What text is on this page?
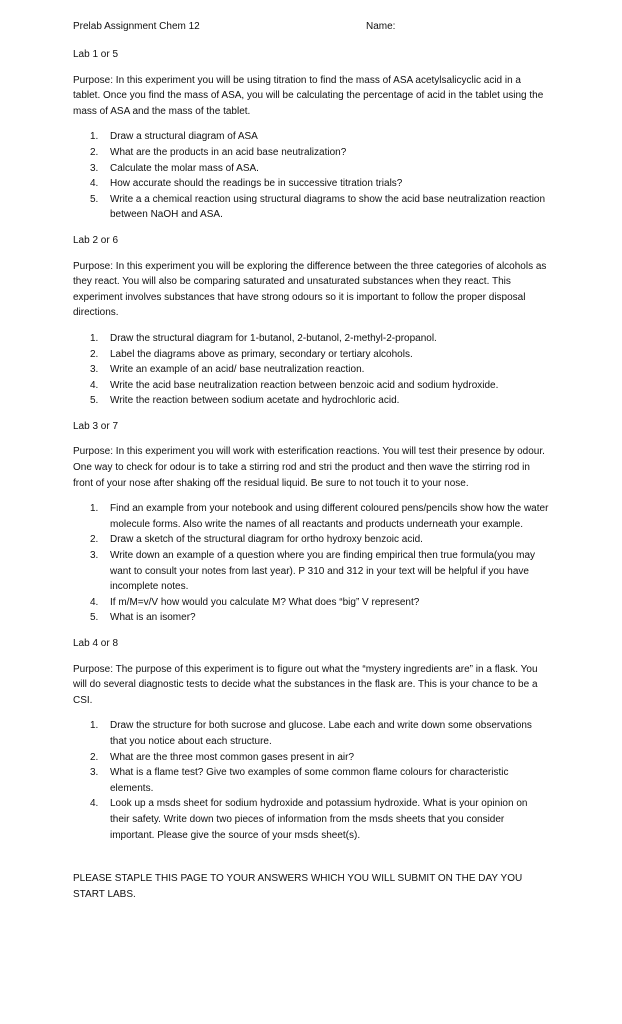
Prelab Assignment Chem 12	Name:
Lab 1 or 5
Purpose: In this experiment you will be using titration to find the mass of ASA acetylsalicyclic acid in a tablet. Once you find the mass of ASA, you will be calculating the percentage of acid in the tablet using the mass of ASA and the mass of the tablet.
1. Draw a structural diagram of ASA
2. What are the products in an acid base neutralization?
3. Calculate the molar mass of ASA.
4. How accurate should the readings be in successive titration trials?
5. Write a a chemical reaction using structural diagrams to show the acid base neutralization reaction between NaOH and ASA.
Lab 2 or 6
Purpose: In this experiment you will be exploring the difference between the three categories of alcohols as they react. You will also be comparing saturated and unsaturated substances when they react. This experiment involves substances that have strong odours so it is important to follow the proper disposal directions.
1. Draw the structural diagram for 1-butanol, 2-butanol, 2-methyl-2-propanol.
2. Label the diagrams above as primary, secondary or tertiary alcohols.
3. Write an example of an acid/ base neutralization reaction.
4. Write the acid base neutralization reaction between benzoic acid and sodium hydroxide.
5. Write the reaction between sodium acetate and hydrochloric acid.
Lab 3 or 7
Purpose: In this experiment you will work with esterification reactions. You will test their presence by odour. One way to check for odour is to take a stirring rod and stri the product and then wave the stirring rod in front of your nose after shaking off the residual liquid. Be sure to not touch it to your nose.
1. Find an example from your notebook and using different coloured pens/pencils show how the water molecule forms. Also write the names of all reactants and products underneath your example.
2. Draw a sketch of the structural diagram for ortho hydroxy benzoic acid.
3. Write down an example of a question where you are finding empirical then true formula(you may want to consult your notes from last year). P 310 and 312 in your text will be helpful if you have incomplete notes.
4. If m/M=v/V how would you calculate M? What does “big” V represent?
5. What is an isomer?
Lab 4 or 8
Purpose: The purpose of this experiment is to figure out what the “mystery ingredients are” in a flask. You will do several diagnostic tests to decide what the substances in the flask are. This is your chance to be a CSI.
1. Draw the structure for both sucrose and glucose. Labe each and write down some observations that you notice about each structure.
2. What are the three most common gases present in air?
3. What is a flame test? Give two examples of some common flame colours for characteristic elements.
4. Look up a msds sheet for sodium hydroxide and potassium hydroxide. What is your opinion on their safety. Write down two pieces of information from the msds sheets that you consider important. Please give the source of your msds sheet(s).
PLEASE STAPLE THIS PAGE TO YOUR ANSWERS WHICH YOU WILL SUBMIT ON THE DAY YOU START LABS.
